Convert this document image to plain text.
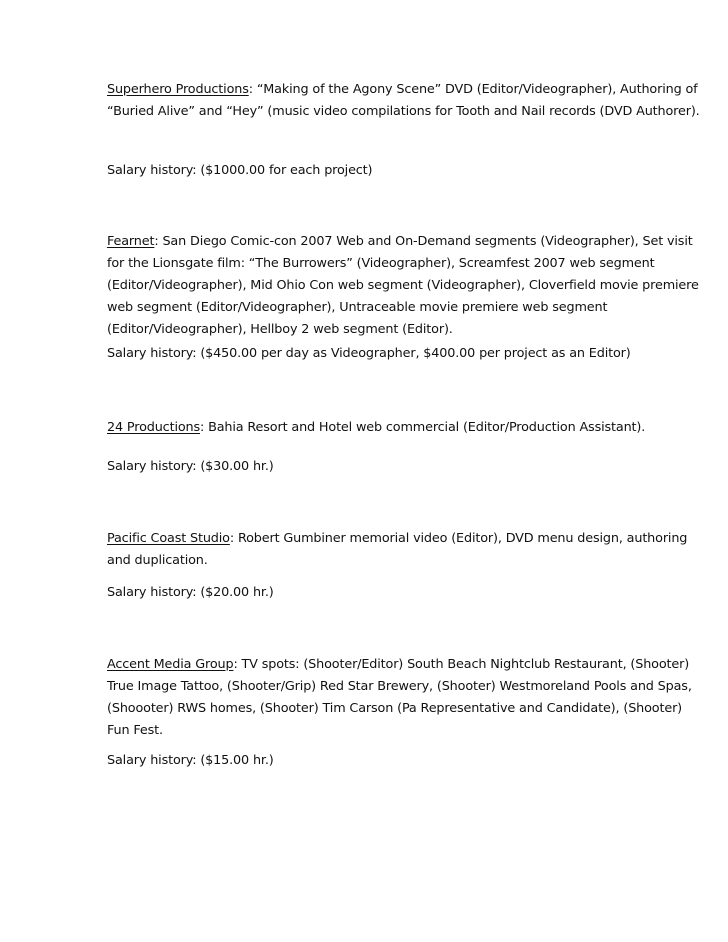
Superhero Productions: “Making of the Agony Scene” DVD (Editor/Videographer), Authoring of “Buried Alive” and “Hey” (music video compilations for Tooth and Nail records (DVD Authorer).
Salary history: ($1000.00 for each project)
Fearnet: San Diego Comic-con 2007 Web and On-Demand segments (Videographer), Set visit for the Lionsgate film: “The Burrowers” (Videographer), Screamfest 2007 web segment (Editor/Videographer), Mid Ohio Con web segment (Videographer), Cloverfield movie premiere web segment (Editor/Videographer), Untraceable movie premiere web segment (Editor/Videographer), Hellboy 2 web segment (Editor).
Salary history: ($450.00 per day as Videographer, $400.00 per project as an Editor)
24 Productions: Bahia Resort and Hotel web commercial (Editor/Production Assistant).
Salary history: ($30.00 hr.)
Pacific Coast Studio: Robert Gumbiner memorial video (Editor), DVD menu design, authoring and duplication.
Salary history: ($20.00 hr.)
Accent Media Group: TV spots: (Shooter/Editor) South Beach Nightclub Restaurant, (Shooter) True Image Tattoo, (Shooter/Grip) Red Star Brewery, (Shooter) Westmoreland Pools and Spas, (Shoooter) RWS homes, (Shooter) Tim Carson (Pa Representative and Candidate), (Shooter) Fun Fest.
Salary history: ($15.00 hr.)
